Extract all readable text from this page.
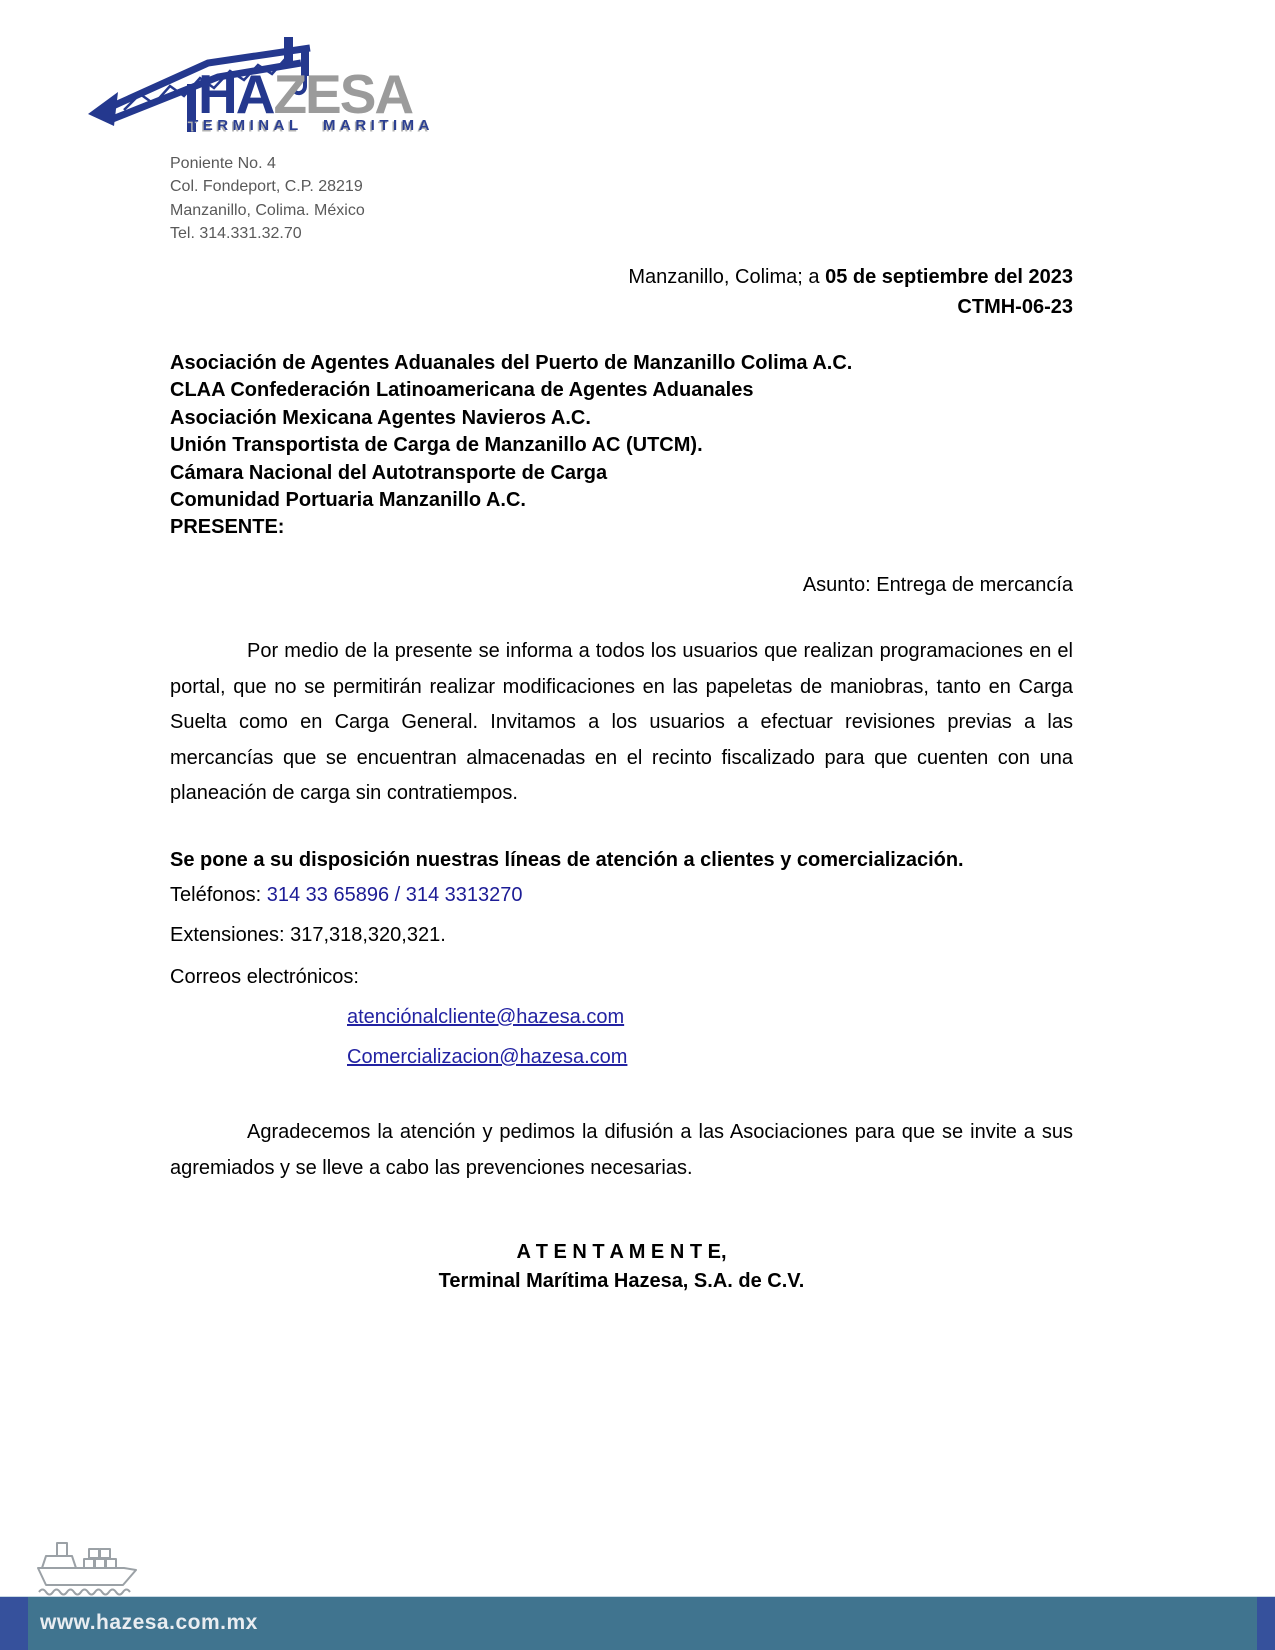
HAZESA
TERMINAL MARITIMA
Poniente No. 4
Col. Fondeport, C.P. 28219
Manzanillo, Colima. México
Tel. 314.331.32.70
Manzanillo, Colima; a 05 de septiembre del 2023
CTMH-06-23
Asociación de Agentes Aduanales del Puerto de Manzanillo Colima A.C.
CLAA Confederación Latinoamericana de Agentes Aduanales
Asociación Mexicana Agentes Navieros A.C.
Unión Transportista de Carga de Manzanillo AC (UTCM).
Cámara Nacional del Autotransporte de Carga
Comunidad Portuaria Manzanillo A.C.
PRESENTE:
Asunto: Entrega de mercancía
Por medio de la presente se informa a todos los usuarios que realizan programaciones en el portal, que no se permitirán realizar modificaciones en las papeletas de maniobras, tanto en Carga Suelta como en Carga General. Invitamos a los usuarios a efectuar revisiones previas a las mercancías que se encuentran almacenadas en el recinto fiscalizado para que cuenten con una planeación de carga sin contratiempos.
Se pone a su disposición nuestras líneas de atención a clientes y comercialización.
Teléfonos: 314 33 65896 / 314 3313270
Extensiones: 317,318,320,321.
Correos electrónicos:
atenciónalcliente@hazesa.com
Comercializacion@hazesa.com
Agradecemos la atención y pedimos la difusión a las Asociaciones para que se invite a sus agremiados y se lleve a cabo las prevenciones necesarias.
A T E N T A M E N T E,
Terminal Marítima Hazesa, S.A. de C.V.
www.hazesa.com.mx
